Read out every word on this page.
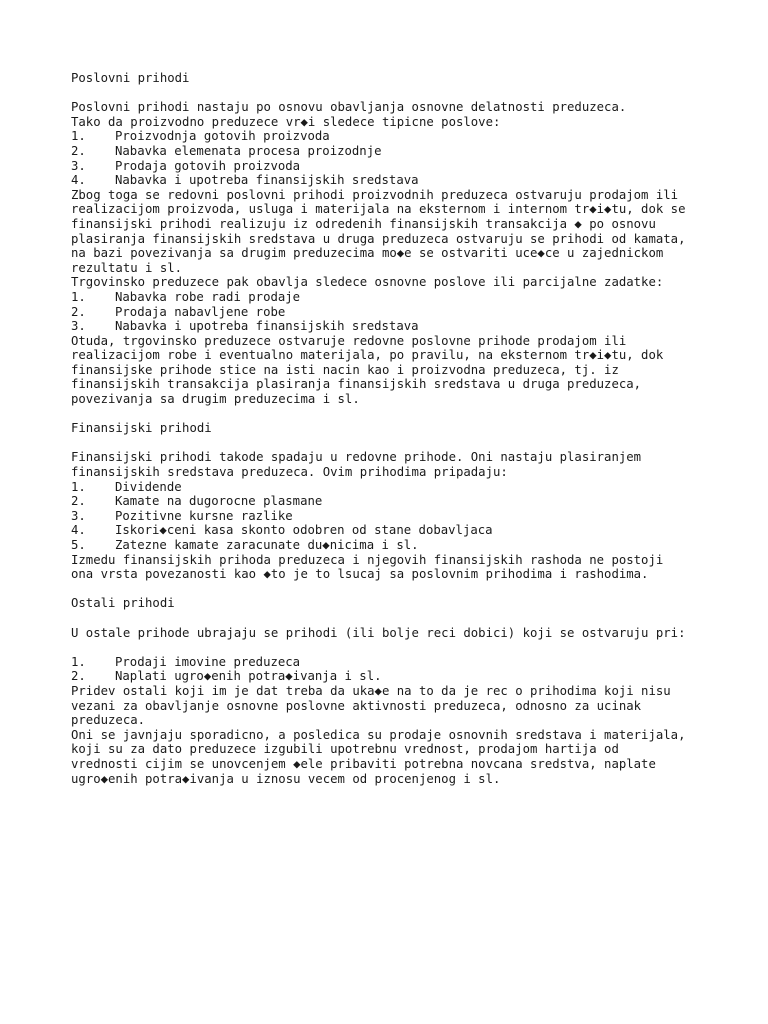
Poslovni prihodi
Poslovni prihodi nastaju po osnovu obavljanja osnovne delatnosti preduzeca.
Tako da proizvodno preduzece vr◆i sledece tipicne poslove:
1. Proizvodnja gotovih proizvoda
2. Nabavka elemenata procesa proizodnje
3. Prodaja gotovih proizvoda
4. Nabavka i upotreba finansijskih sredstava
Zbog toga se redovni poslovni prihodi proizvodnih preduzeca ostvaruju prodajom ili
realizacijom proizvoda, usluga i materijala na eksternom i internom tr◆i◆tu, dok se
finansijski prihodi realizuju iz odredenih finansijskih transakcija ◆ po osnovu
plasiranja finansijskih sredstava u druga preduzeca ostvaruju se prihodi od kamata,
na bazi povezivanja sa drugim preduzecima mo◆e se ostvariti uce◆ce u zajednickom
rezultatu i sl.
Trgovinsko preduzece pak obavlja sledece osnovne poslove ili parcijalne zadatke:
1. Nabavka robe radi prodaje
2. Prodaja nabavljene robe
3. Nabavka i upotreba finansijskih sredstava
Otuda, trgovinsko preduzece ostvaruje redovne poslovne prihode prodajom ili
realizacijom robe i eventualno materijala, po pravilu, na eksternom tr◆i◆tu, dok
finansijske prihode stice na isti nacin kao i proizvodna preduzeca, tj. iz
finansijskih transakcija plasiranja finansijskih sredstava u druga preduzeca,
povezivanja sa drugim preduzecima i sl.
Finansijski prihodi
Finansijski prihodi takode spadaju u redovne prihode. Oni nastaju plasiranjem
finansijskih sredstava preduzeca. Ovim prihodima pripadaju:
1. Dividende
2. Kamate na dugorocne plasmane
3. Pozitivne kursne razlike
4. Iskori◆ceni kasa skonto odobren od stane dobavljaca
5. Zatezne kamate zaracunate du◆nicima i sl.
Izmedu finansijskih prihoda preduzeca i njegovih finansijskih rashoda ne postoji
ona vrsta povezanosti kao ◆to je to lsucaj sa poslovnim prihodima i rashodima.
Ostali prihodi
U ostale prihode ubrajaju se prihodi (ili bolje reci dobici) koji se ostvaruju pri:
1. Prodaji imovine preduzeca
2. Naplati ugro◆enih potra◆ivanja i sl.
Pridev ostali koji im je dat treba da uka◆e na to da je rec o prihodima koji nisu
vezani za obavljanje osnovne poslovne aktivnosti preduzeca, odnosno za ucinak
preduzeca.
Oni se javnjaju sporadicno, a posledica su prodaje osnovnih sredstava i materijala,
koji su za dato preduzece izgubili upotrebnu vrednost, prodajom hartija od
vrednosti cijim se unovcenjem ◆ele pribaviti potrebna novcana sredstva, naplate
ugro◆enih potra◆ivanja u iznosu vecem od procenjenog i sl.
